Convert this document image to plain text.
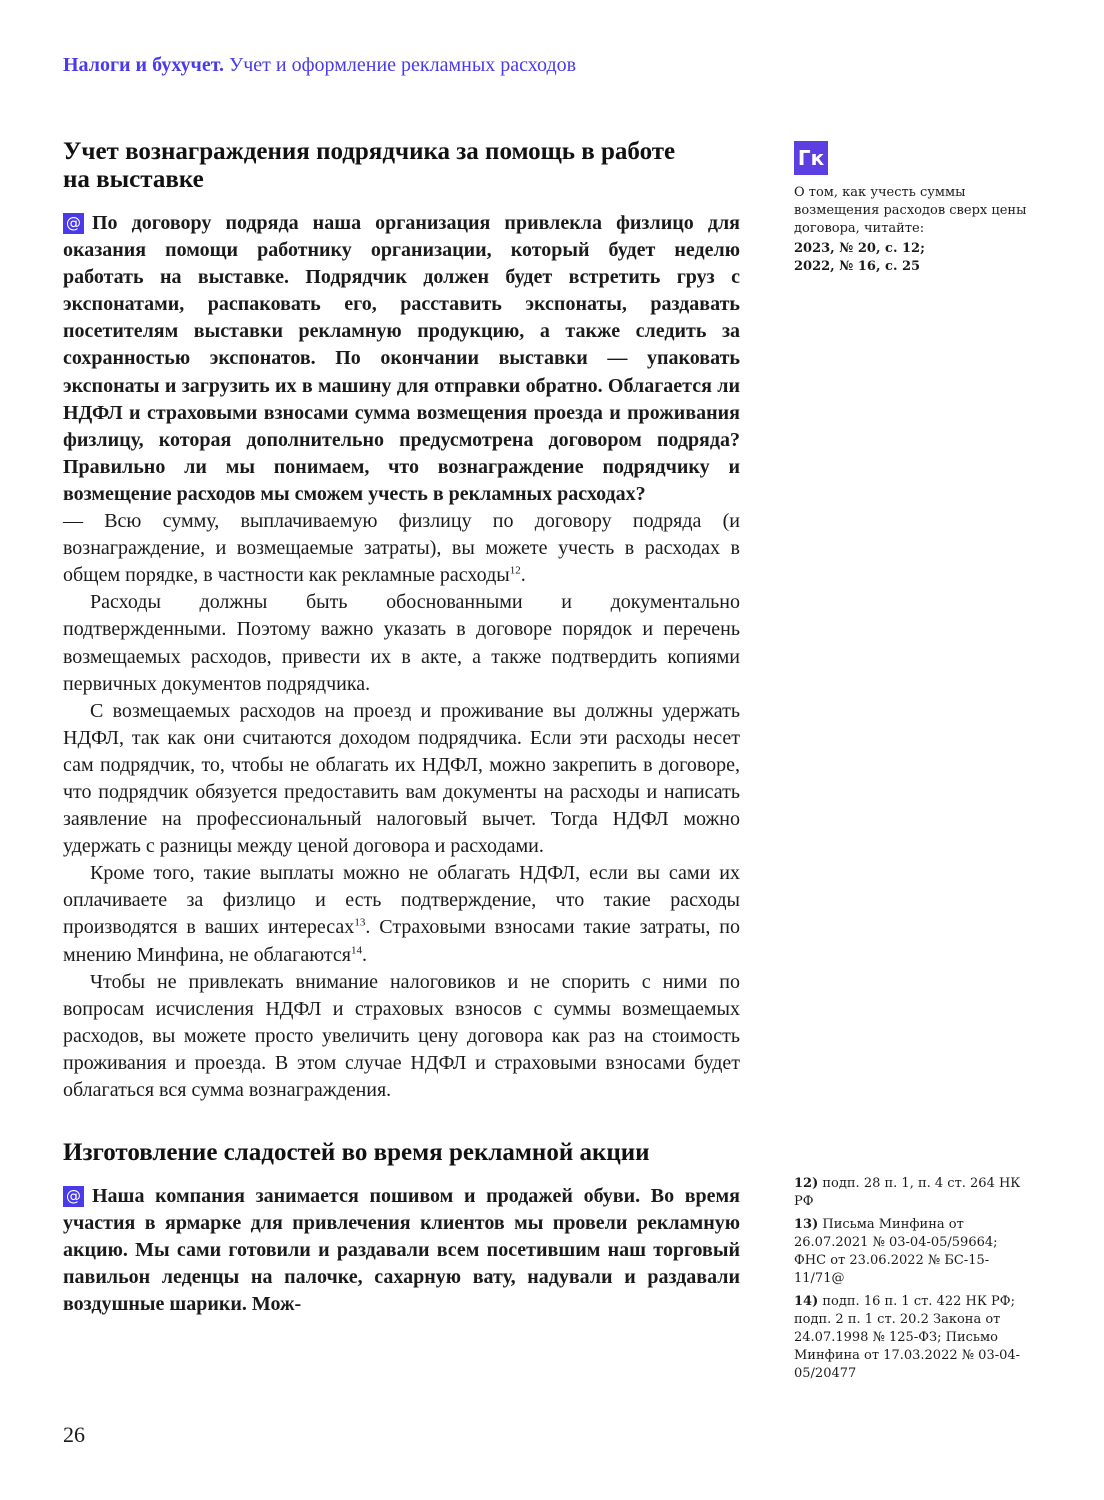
Налоги и бухучет. Учет и оформление рекламных расходов
Учет вознаграждения подрядчика за помощь в работе на выставке

@ По договору подряда наша организация привлекла физлицо для оказания помощи работнику организации, который будет неделю работать на выставке. Подрядчик должен будет встретить груз с экспонатами, распаковать его, расставить экспонаты, раздавать посетителям выставки рекламную продукцию, а также следить за сохранностью экспонатов. По окончании выставки — упаковать экспонаты и загрузить их в машину для отправки обратно. Облагается ли НДФЛ и страховыми взносами сумма возмещения проезда и проживания физлицу, которая дополнительно предусмотрена договором подряда? Правильно ли мы понимаем, что вознаграждение подрядчику и возмещение расходов мы сможем учесть в рекламных расходах?

— Всю сумму, выплачиваемую физлицу по договору подряда (и вознаграждение, и возмещаемые затраты), вы можете учесть в расходах в общем порядке, в частности как рекламные расходы$^{12}$.

Расходы должны быть обоснованными и документально подтвержденными. Поэтому важно указать в договоре порядок и перечень возмещаемых расходов, привести их в акте, а также подтвердить копиями первичных документов подрядчика.

С возмещаемых расходов на проезд и проживание вы должны удержать НДФЛ, так как они считаются доходом подрядчика. Если эти расходы несет сам подрядчик, то, чтобы не облагать их НДФЛ, можно закрепить в договоре, что подрядчик обязуется предоставить вам документы на расходы и написать заявление на профессиональный налоговый вычет. Тогда НДФЛ можно удержать с разницы между ценой договора и расходами.

Кроме того, такие выплаты можно не облагать НДФЛ, если вы сами их оплачиваете за физлицо и есть подтверждение, что такие расходы производятся в ваших интересах$^{13}$. Страховыми взносами такие затраты, по мнению Минфина, не облагаются$^{14}$.

Чтобы не привлекать внимание налоговиков и не спорить с ними по вопросам исчисления НДФЛ и страховых взносов с суммы возмещаемых расходов, вы можете просто увеличить цену договора как раз на стоимость проживания и проезда. В этом случае НДФЛ и страховыми взносами будет облагаться вся сумма вознаграждения.

Изготовление сладостей во время рекламной акции

@ Наша компания занимается пошивом и продажей обуви. Во время участия в ярмарке для привлечения клиентов мы провели рекламную акцию. Мы сами готовили и раздавали всем посетившим наш торговый павильон леденцы на палочке, сахарную вату, надували и раздавали воздушные шарики. Мож-

26
Гк
О том, как учесть суммы возмещения расходов сверх цены договора, читайте:
2023, № 20, с. 12;
2022, № 16, с. 25
12) подп. 28 п. 1, п. 4 ст. 264 НК РФ
13) Письма Минфина от 26.07.2021 № 03-04-05/59664; ФНС от 23.06.2022 № БС-15-11/71@
14) подп. 16 п. 1 ст. 422 НК РФ; подп. 2 п. 1 ст. 20.2 Закона от 24.07.1998 № 125-ФЗ; Письмо Минфина от 17.03.2022 № 03-04-05/20477
